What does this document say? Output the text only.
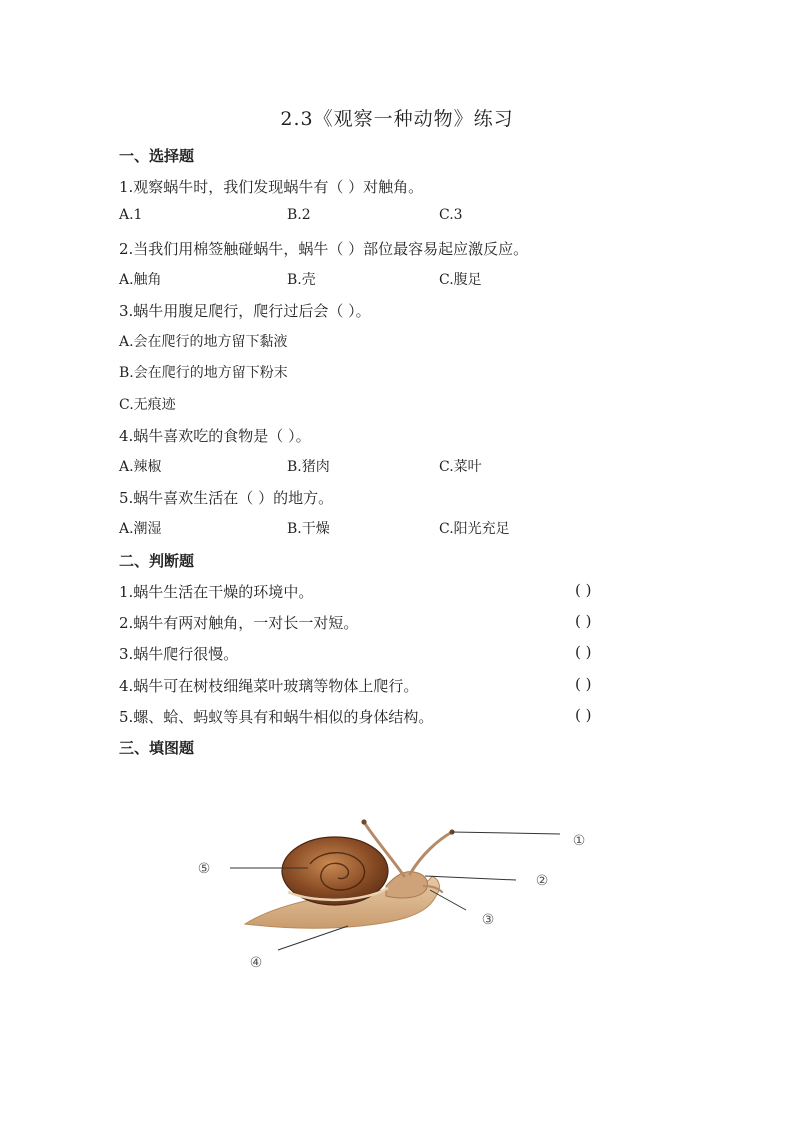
2.3《观察一种动物》练习
一、选择题
1.观察蜗牛时，我们发现蜗牛有（ ）对触角。
A.1	B.2	C.3
2.当我们用棉签触碰蜗牛，蜗牛（ ）部位最容易起应激反应。
A.触角	B.壳	C.腹足
3.蜗牛用腹足爬行，爬行过后会（ ）。
A.会在爬行的地方留下黏液
B.会在爬行的地方留下粉末
C.无痕迹
4.蜗牛喜欢吃的食物是（ ）。
A.辣椒	B.猪肉	C.菜叶
5.蜗牛喜欢生活在（ ）的地方。
A.潮湿	B.干燥	C.阳光充足
二、判断题
1.蜗牛生活在干燥的环境中。	( )
2.蜗牛有两对触角，一对长一对短。	( )
3.蜗牛爬行很慢。	( )
4.蜗牛可在树枝细绳菜叶玻璃等物体上爬行。	( )
5.螺、蛤、蚂蚁等具有和蜗牛相似的身体结构。	( )
三、填图题
①
②
③
④
⑤
